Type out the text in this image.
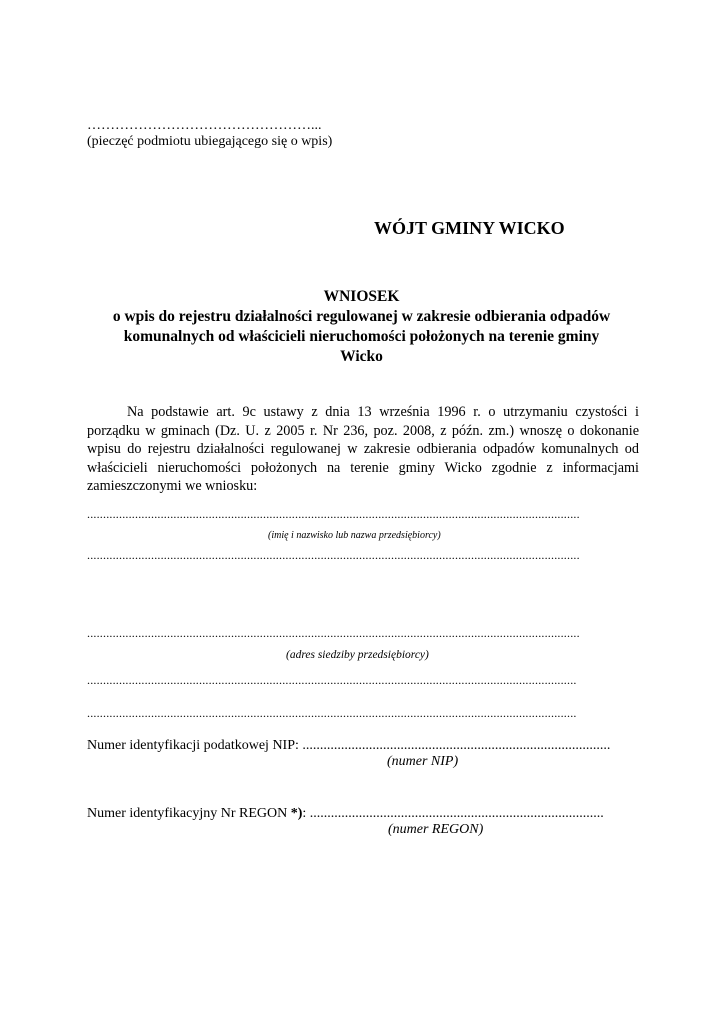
…………………………………………...
(pieczęć podmiotu ubiegającego się o wpis)
WÓJT GMINY WICKO
WNIOSEK
o wpis do rejestru działalności regulowanej w zakresie odbierania odpadów
komunalnych od właścicieli nieruchomości położonych na terenie gminy
Wicko
Na podstawie art. 9c ustawy z dnia 13 września 1996 r. o utrzymaniu czystości i
porządku w gminach (Dz. U. z 2005 r. Nr 236, poz. 2008, z późn. zm.) wnoszę o dokonanie
wpisu do rejestru działalności regulowanej w zakresie odbierania odpadów komunalnych od
właścicieli nieruchomości położonych na terenie gminy Wicko zgodnie z informacjami
zamieszczonymi we wniosku:
..........................................................................................................................................................
(imię i nazwisko lub nazwa przedsiębiorcy)
..........................................................................................................................................................
..........................................................................................................................................................
(adres siedziby przedsiębiorcy)
.........................................................................................................................................................
.........................................................................................................................................................
Numer identyfikacji podatkowej NIP: ........................................................................................
(numer NIP)
Numer identyfikacyjny Nr REGON *): ....................................................................................
(numer REGON)
